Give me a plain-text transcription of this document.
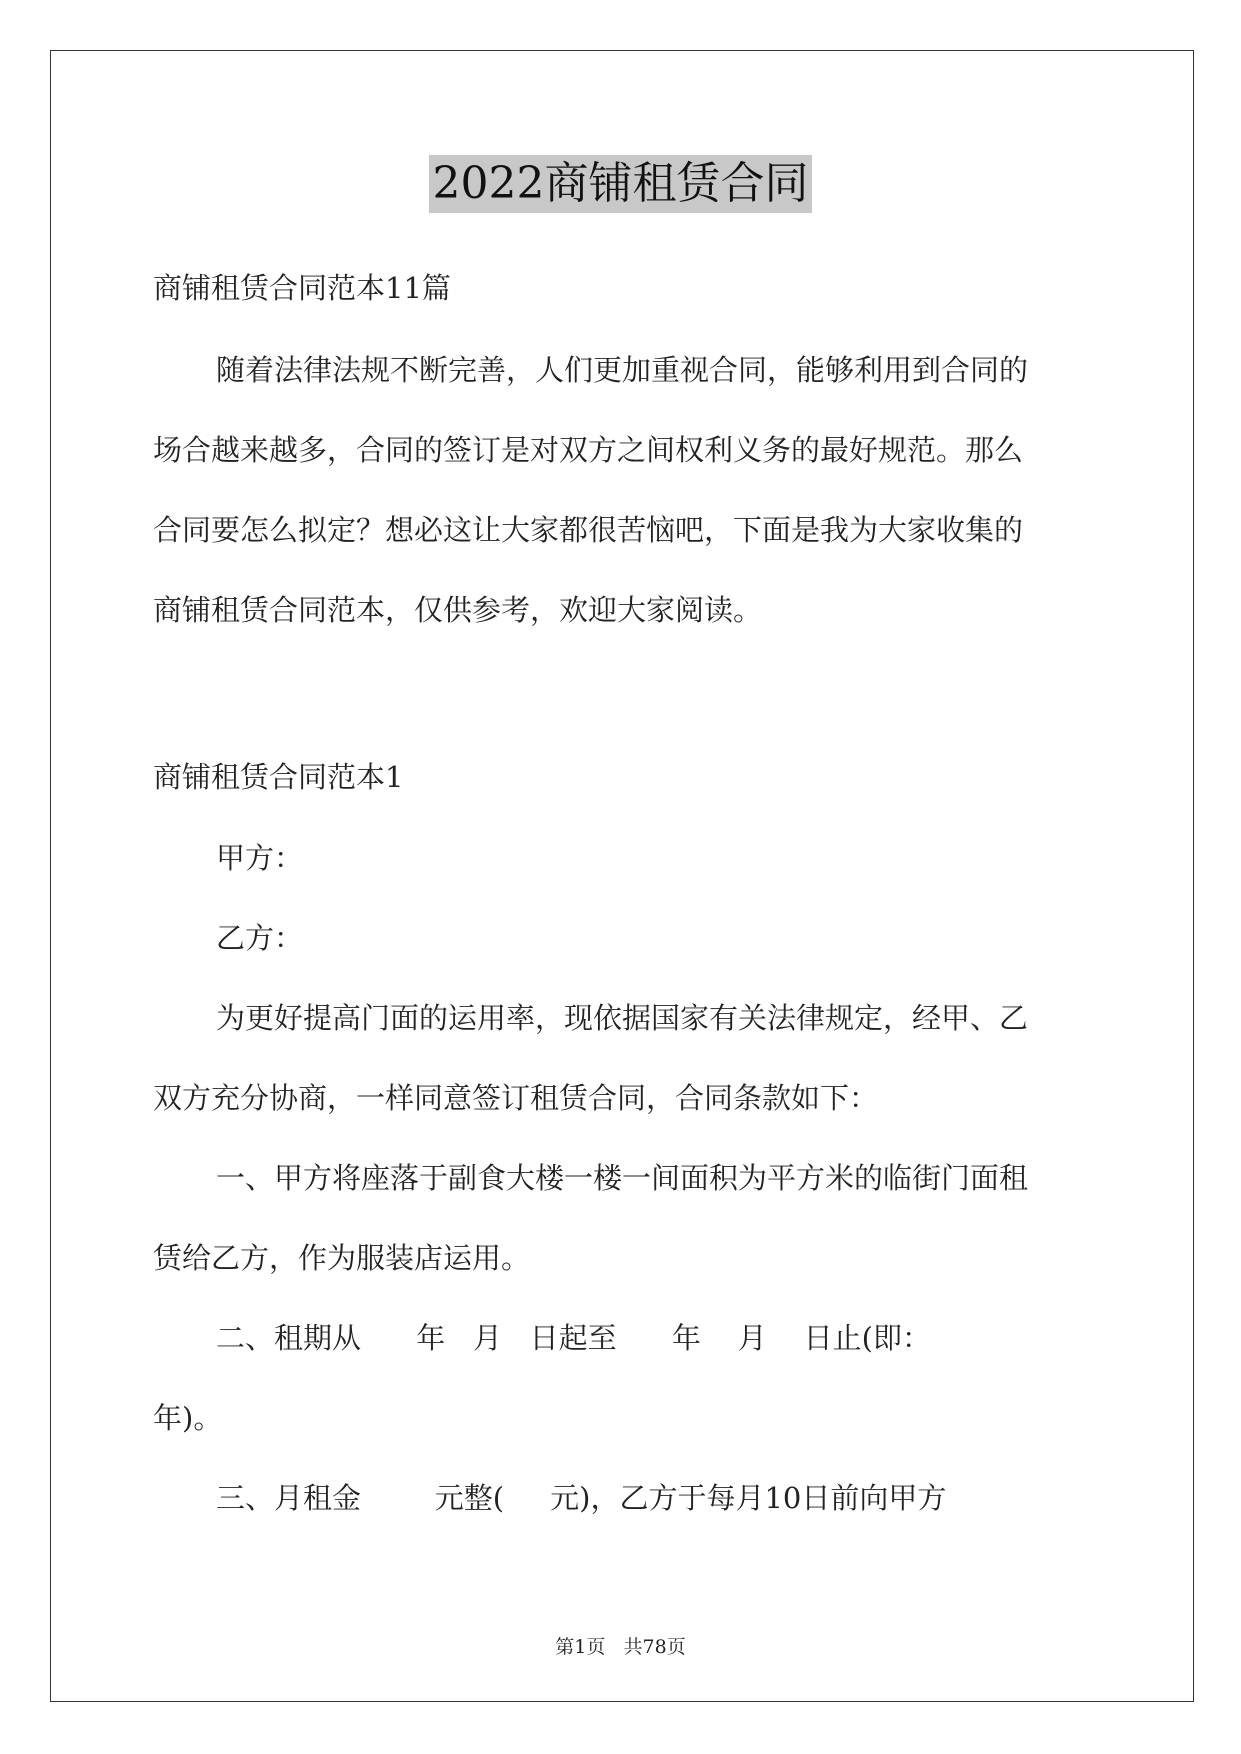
2022商铺租赁合同
商铺租赁合同范本11篇
随着法律法规不断完善，人们更加重视合同，能够利用到合同的
场合越来越多，合同的签订是对双方之间权利义务的最好规范。那么
合同要怎么拟定？想必这让大家都很苦恼吧，下面是我为大家收集的
商铺租赁合同范本，仅供参考，欢迎大家阅读。
商铺租赁合同范本1
甲方：
乙方：
为更好提高门面的运用率，现依据国家有关法律规定，经甲、乙
双方充分协商，一样同意签订租赁合同，合同条款如下：
一、甲方将座落于副食大楼一楼一间面积为平方米的临街门面租
赁给乙方，作为服装店运用。
二、租期从      年   月   日起至      年    月    日止(即：
年)。
三、月租金        元整(     元)，乙方于每月10日前向甲方
第1页 共78页
